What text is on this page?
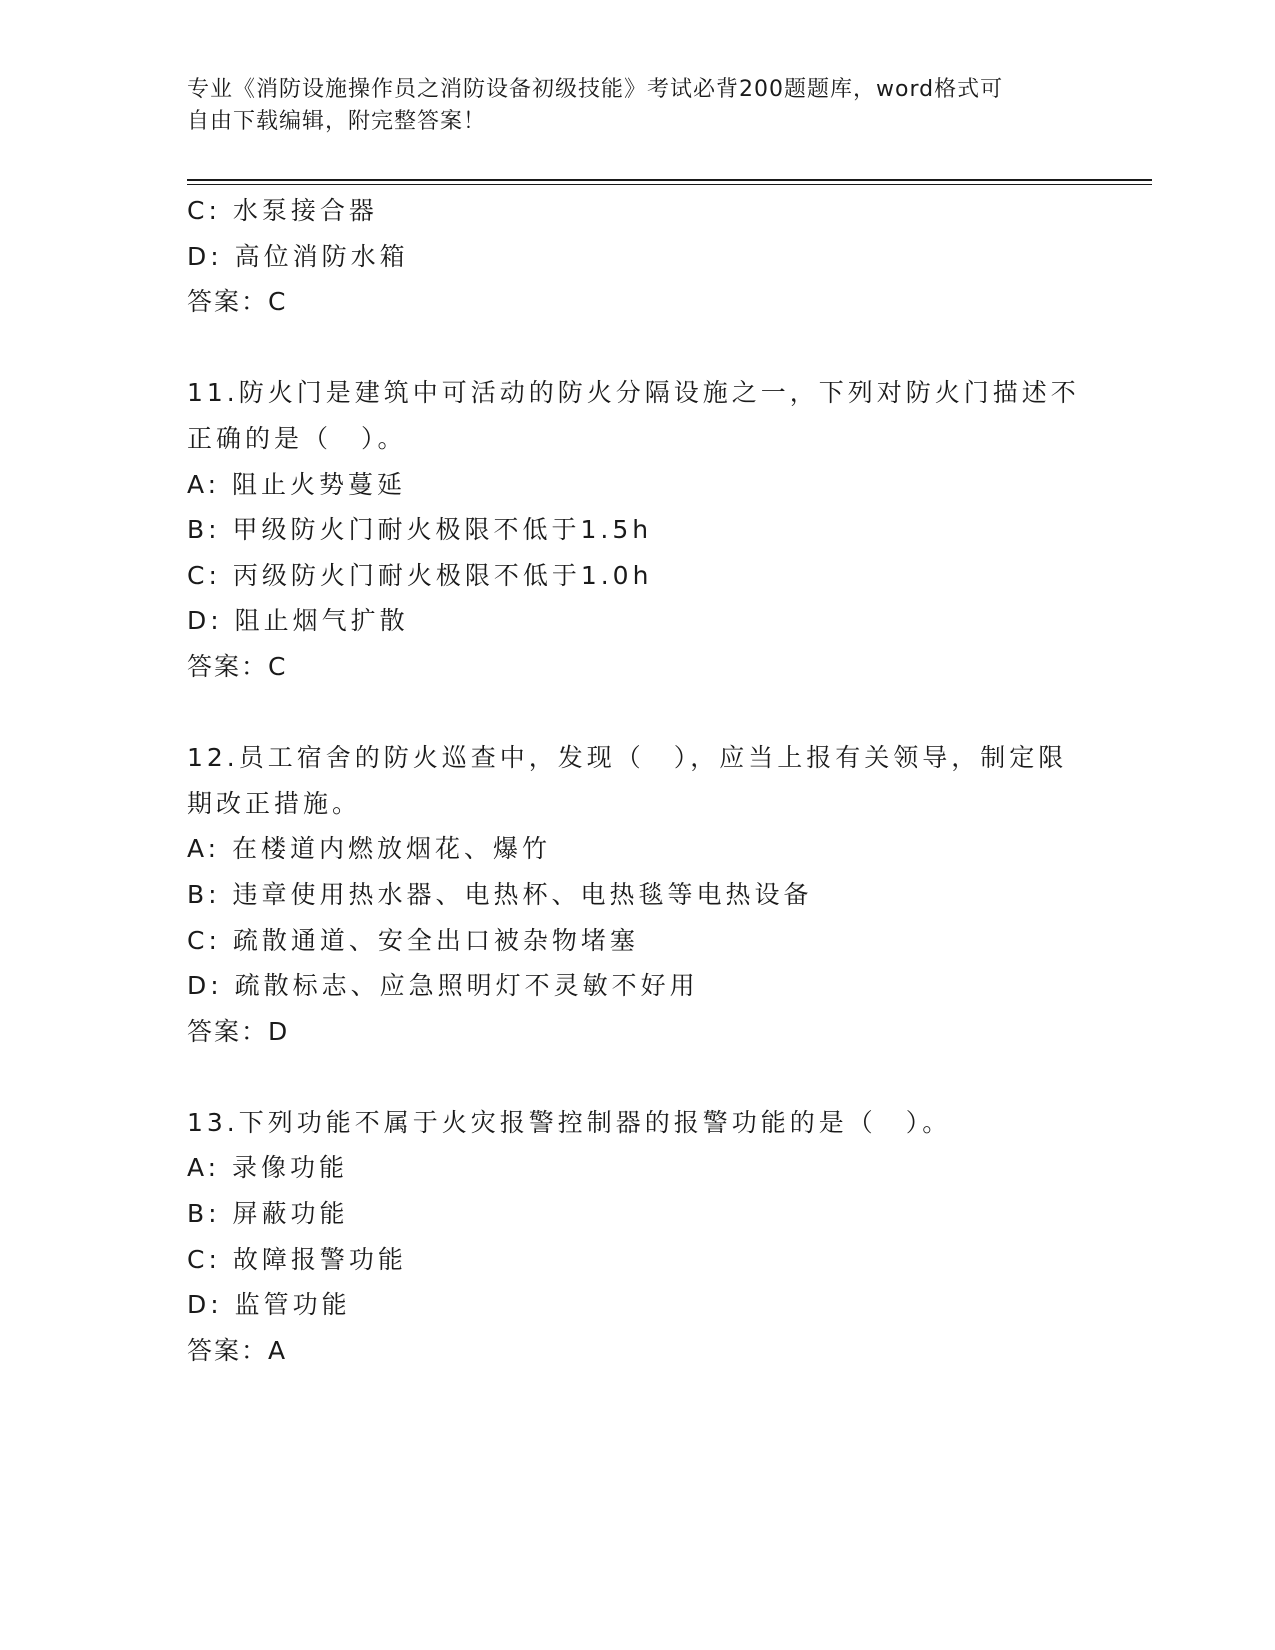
专业《消防设施操作员之消防设备初级技能》考试必背200题题库，word格式可
自由下载编辑，附完整答案！
C: 水泵接合器
D: 高位消防水箱
答案：C
11.防火门是建筑中可活动的防火分隔设施之一，下列对防火门描述不
正确的是（　）。
A: 阻止火势蔓延
B: 甲级防火门耐火极限不低于1.5h
C: 丙级防火门耐火极限不低于1.0h
D: 阻止烟气扩散
答案：C
12.员工宿舍的防火巡查中，发现（　），应当上报有关领导，制定限
期改正措施。
A: 在楼道内燃放烟花、爆竹
B: 违章使用热水器、电热杯、电热毯等电热设备
C: 疏散通道、安全出口被杂物堵塞
D: 疏散标志、应急照明灯不灵敏不好用
答案：D
13.下列功能不属于火灾报警控制器的报警功能的是（　）。
A: 录像功能
B: 屏蔽功能
C: 故障报警功能
D: 监管功能
答案：A
